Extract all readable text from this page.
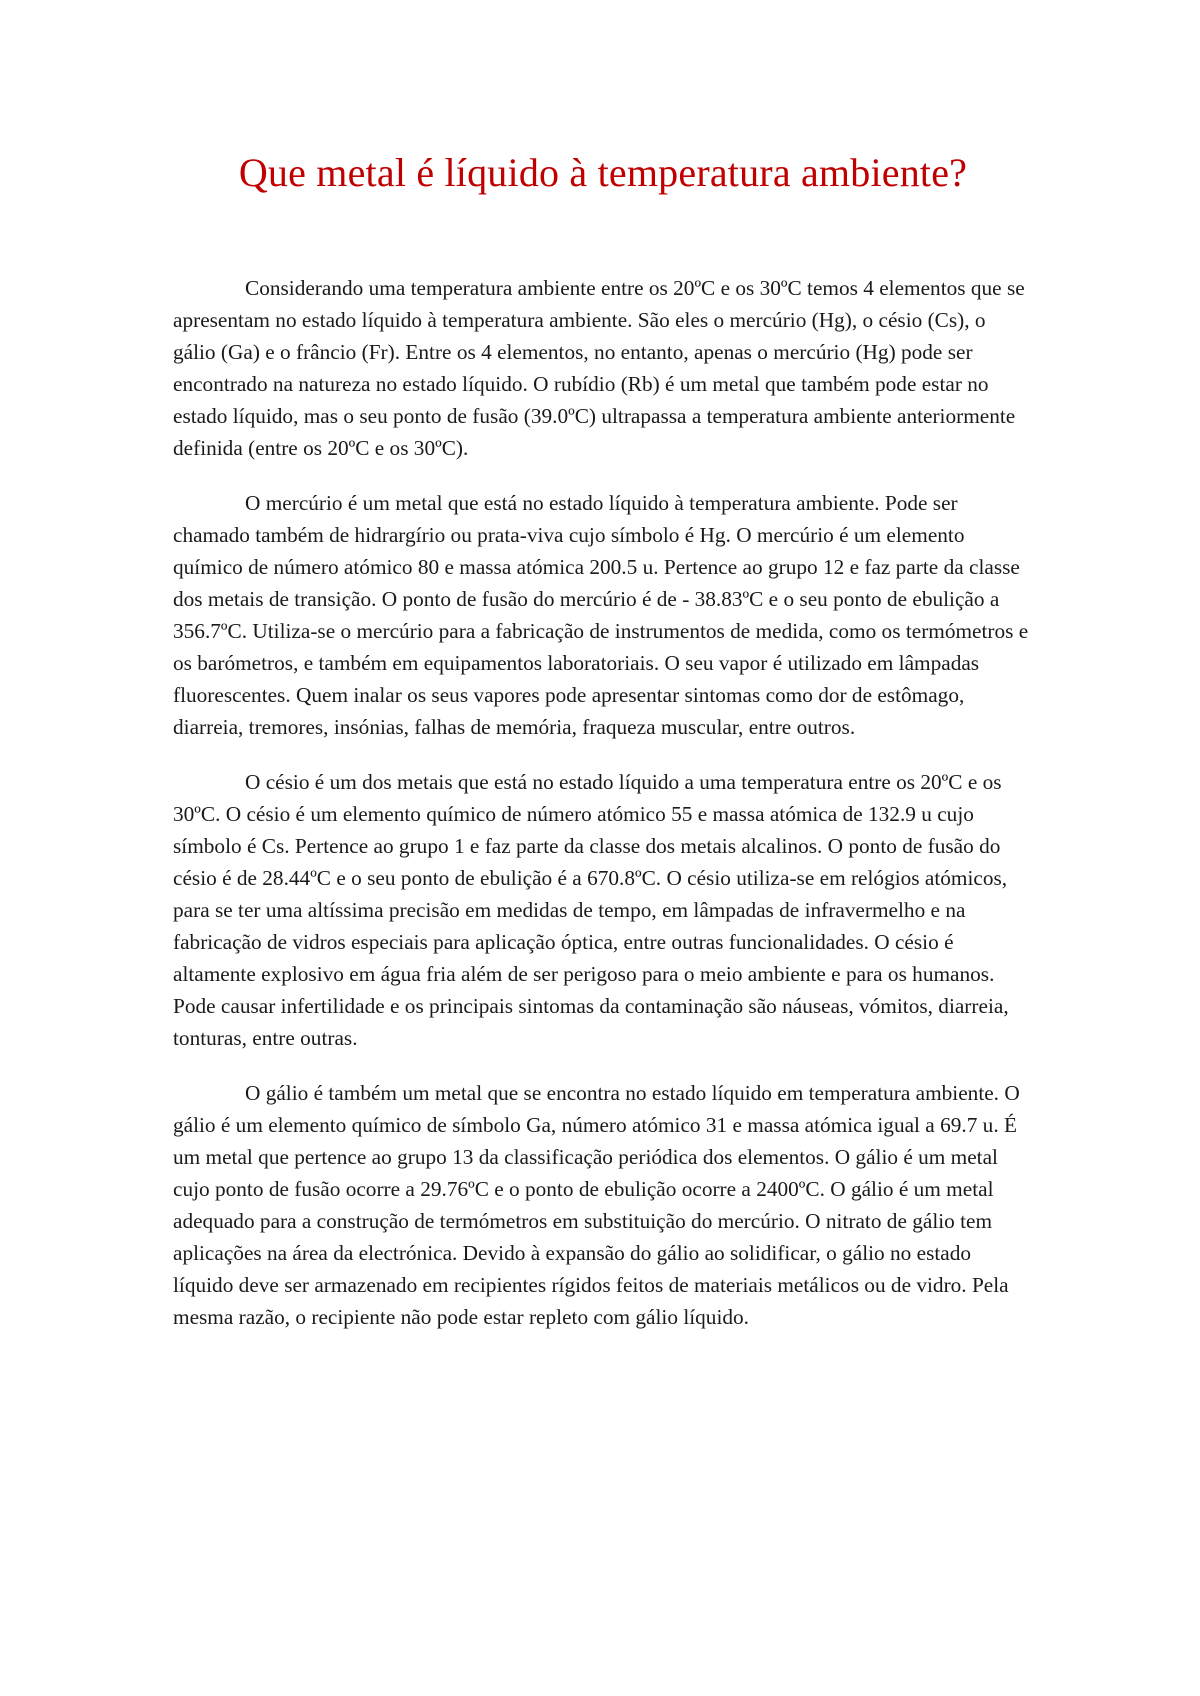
Que metal é líquido à temperatura ambiente?

Considerando uma temperatura ambiente entre os 20ºC e os 30ºC temos 4 elementos que se apresentam no estado líquido à temperatura ambiente. São eles o mercúrio (Hg), o césio (Cs), o gálio (Ga) e o frâncio (Fr). Entre os 4 elementos, no entanto, apenas o mercúrio (Hg) pode ser encontrado na natureza no estado líquido. O rubídio (Rb) é um metal que também pode estar no estado líquido, mas o seu ponto de fusão (39.0ºC) ultrapassa a temperatura ambiente anteriormente definida (entre os 20ºC e os 30ºC).

O mercúrio é um metal que está no estado líquido à temperatura ambiente. Pode ser chamado também de hidrargírio ou prata-viva cujo símbolo é Hg. O mercúrio é um elemento químico de número atómico 80 e massa atómica 200.5 u. Pertence ao grupo 12 e faz parte da classe dos metais de transição. O ponto de fusão do mercúrio é de - 38.83ºC e o seu ponto de ebulição a 356.7ºC. Utiliza-se o mercúrio para a fabricação de instrumentos de medida, como os termómetros e os barómetros, e também em equipamentos laboratoriais. O seu vapor é utilizado em lâmpadas fluorescentes. Quem inalar os seus vapores pode apresentar sintomas como dor de estômago, diarreia, tremores, insónias, falhas de memória, fraqueza muscular, entre outros.

O césio é um dos metais que está no estado líquido a uma temperatura entre os 20ºC e os 30ºC. O césio é um elemento químico de número atómico 55 e massa atómica de 132.9 u cujo símbolo é Cs. Pertence ao grupo 1 e faz parte da classe dos metais alcalinos. O ponto de fusão do césio é de 28.44ºC e o seu ponto de ebulição é a 670.8ºC. O césio utiliza-se em relógios atómicos, para se ter uma altíssima precisão em medidas de tempo, em lâmpadas de infravermelho e na fabricação de vidros especiais para aplicação óptica, entre outras funcionalidades. O césio é altamente explosivo em água fria além de ser perigoso para o meio ambiente e para os humanos. Pode causar infertilidade e os principais sintomas da contaminação são náuseas, vómitos, diarreia, tonturas, entre outras.

O gálio é também um metal que se encontra no estado líquido em temperatura ambiente. O gálio é um elemento químico de símbolo Ga, número atómico 31 e massa atómica igual a 69.7 u. É um metal que pertence ao grupo 13 da classificação periódica dos elementos. O gálio é um metal cujo ponto de fusão ocorre a 29.76ºC e o ponto de ebulição ocorre a 2400ºC. O gálio é um metal adequado para a construção de termómetros em substituição do mercúrio. O nitrato de gálio tem aplicações na área da electrónica. Devido à expansão do gálio ao solidificar, o gálio no estado líquido deve ser armazenado em recipientes rígidos feitos de materiais metálicos ou de vidro. Pela mesma razão, o recipiente não pode estar repleto com gálio líquido.
